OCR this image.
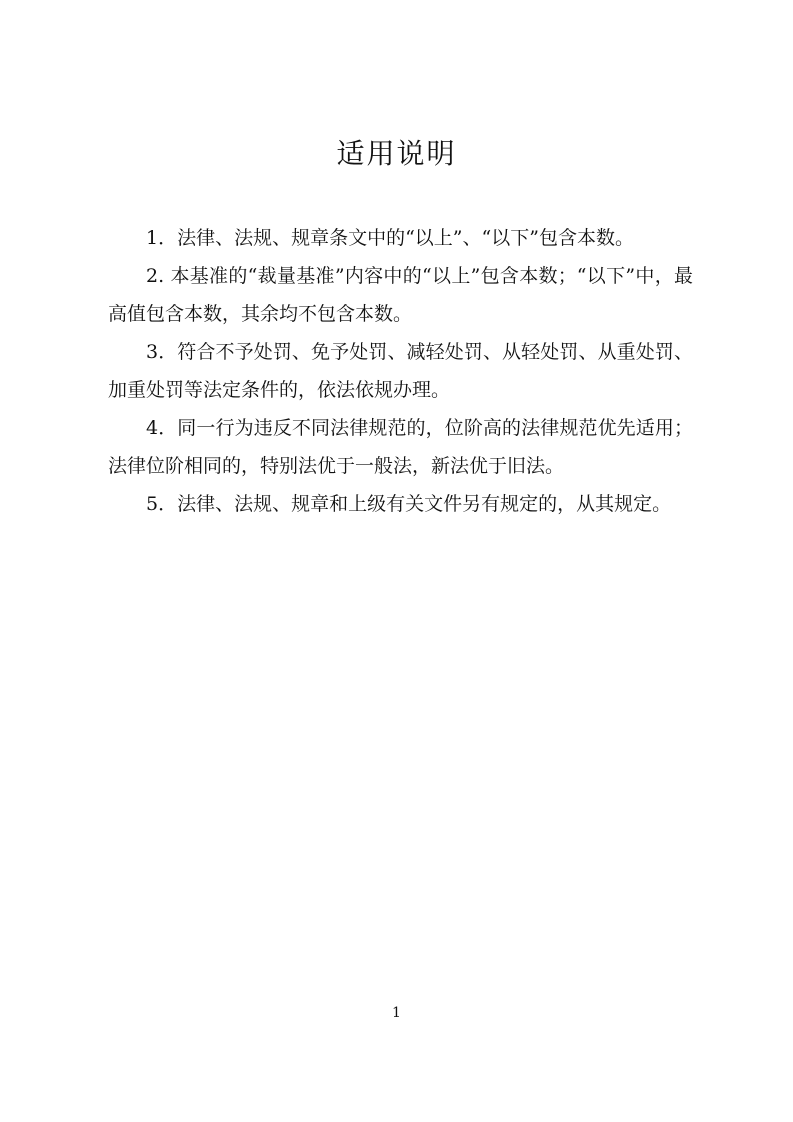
适用说明

1．法律、法规、规章条文中的“以上”、“以下”包含本数。

2. 本基准的“裁量基准”内容中的“以上”包含本数；“以下”中，最高值包含本数，其余均不包含本数。

3．符合不予处罚、免予处罚、减轻处罚、从轻处罚、从重处罚、加重处罚等法定条件的，依法依规办理。

4．同一行为违反不同法律规范的，位阶高的法律规范优先适用；法律位阶相同的，特别法优于一般法，新法优于旧法。

5．法律、法规、规章和上级有关文件另有规定的，从其规定。

1
